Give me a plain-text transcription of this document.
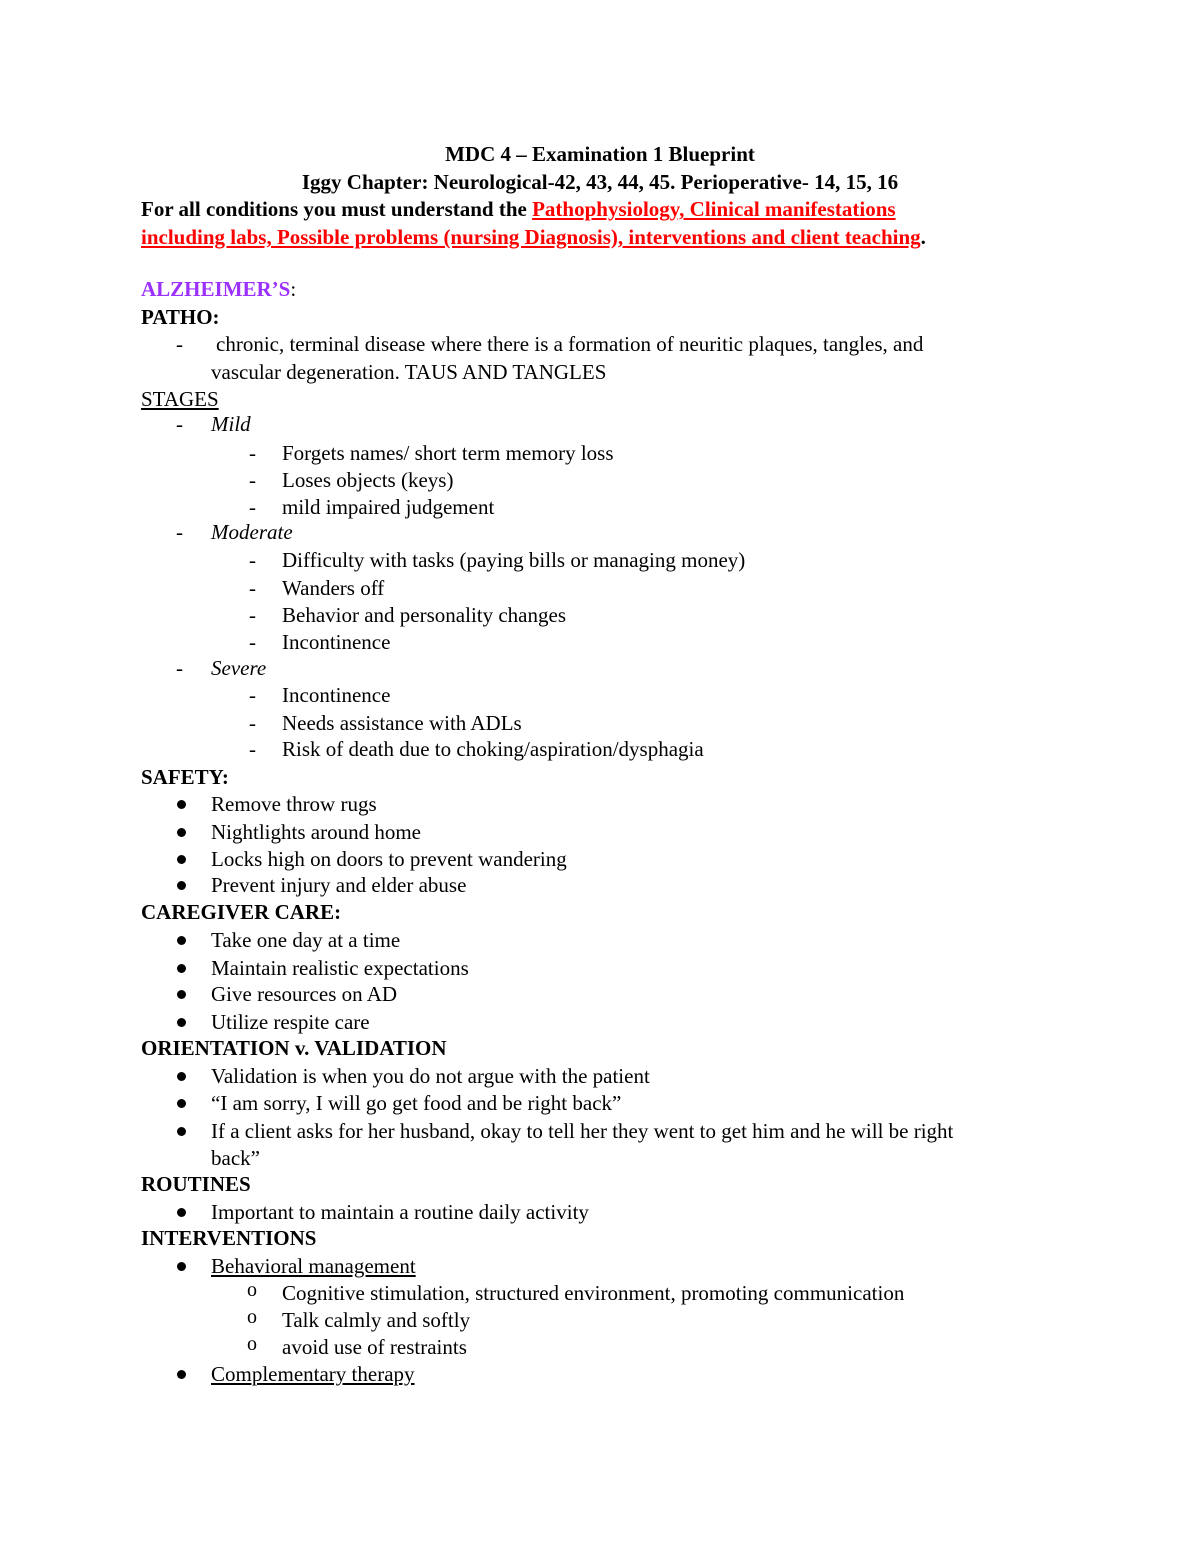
MDC 4 – Examination 1 Blueprint
Iggy Chapter: Neurological-42, 43, 44, 45. Perioperative- 14, 15, 16
For all conditions you must understand the Pathophysiology, Clinical manifestations
including labs, Possible problems (nursing Diagnosis), interventions and client teaching.
ALZHEIMER’S:
PATHO:
- chronic, terminal disease where there is a formation of neuritic plaques, tangles, and
vascular degeneration. TAUS AND TANGLES
STAGES
- Mild
- Forgets names/ short term memory loss
- Loses objects (keys)
- mild impaired judgement
- Moderate
- Difficulty with tasks (paying bills or managing money)
- Wanders off
- Behavior and personality changes
- Incontinence
- Severe
- Incontinence
- Needs assistance with ADLs
- Risk of death due to choking/aspiration/dysphagia
SAFETY:
Remove throw rugs
Nightlights around home
Locks high on doors to prevent wandering
Prevent injury and elder abuse
CAREGIVER CARE:
Take one day at a time
Maintain realistic expectations
Give resources on AD
Utilize respite care
ORIENTATION v. VALIDATION
Validation is when you do not argue with the patient
“I am sorry, I will go get food and be right back”
If a client asks for her husband, okay to tell her they went to get him and he will be right
back”
ROUTINES
Important to maintain a routine daily activity
INTERVENTIONS
Behavioral management
o Cognitive stimulation, structured environment, promoting communication
o Talk calmly and softly
o avoid use of restraints
Complementary therapy
